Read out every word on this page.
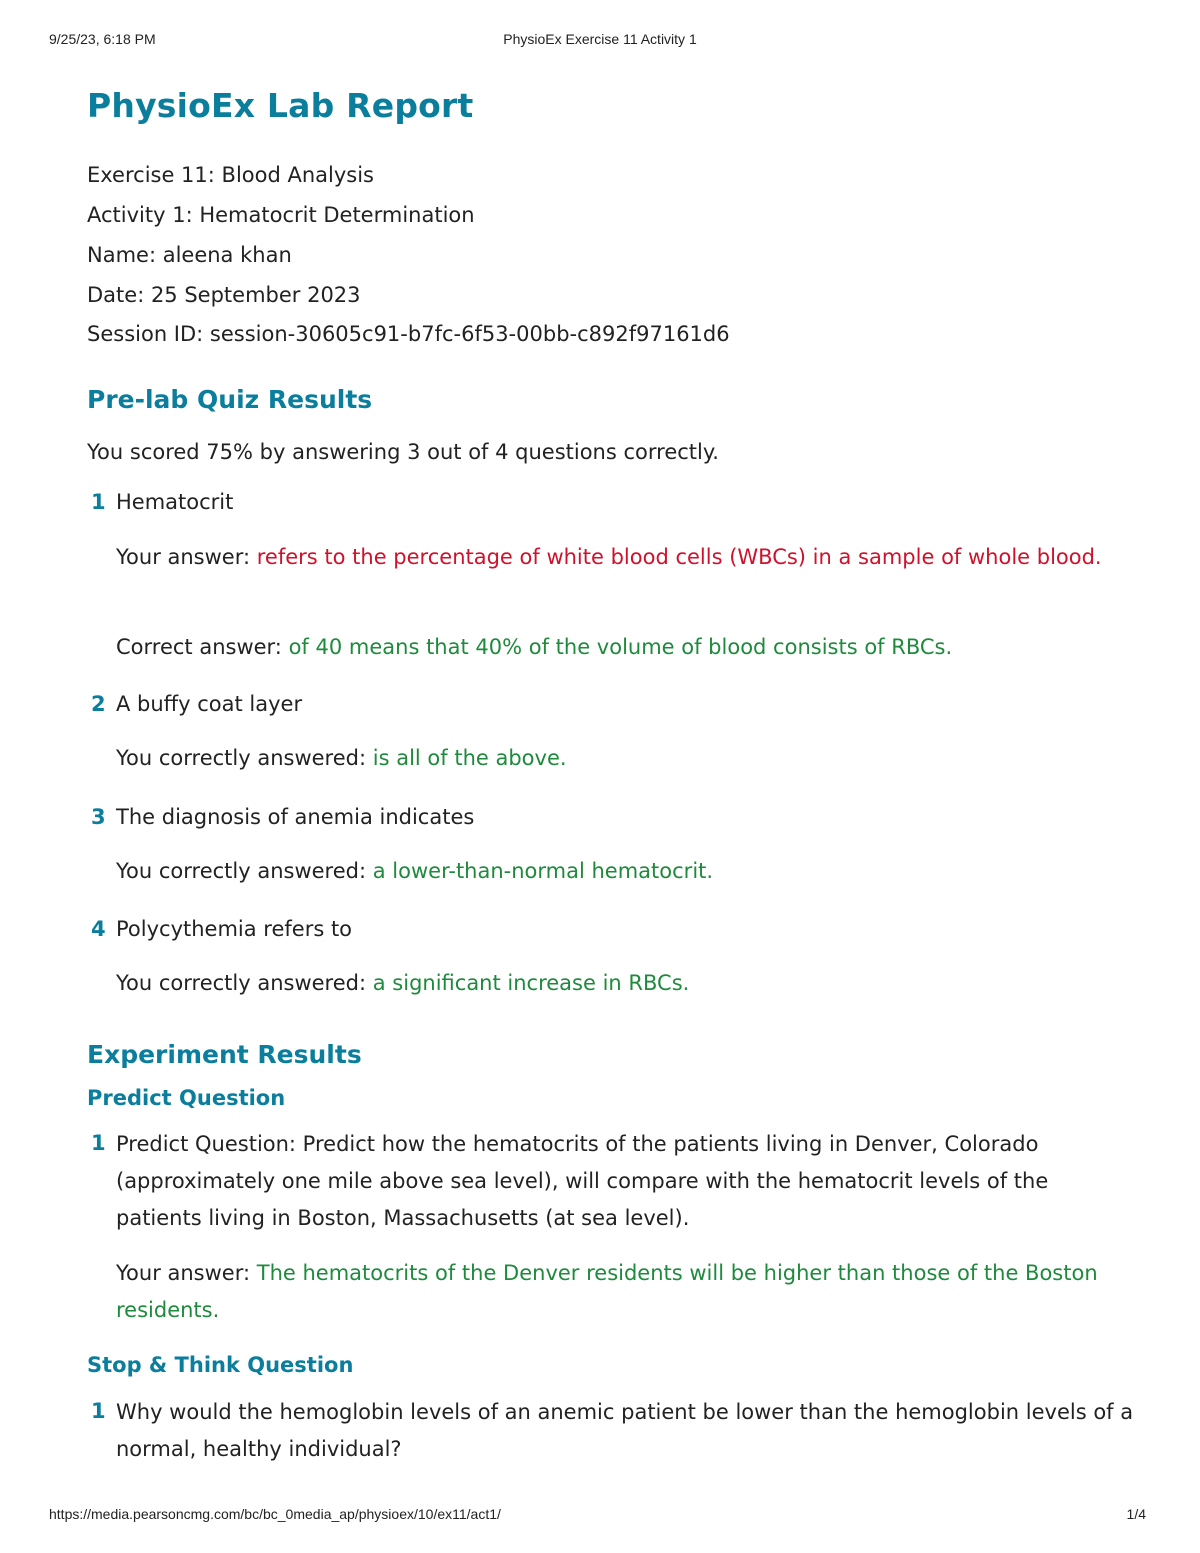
9/25/23, 6:18 PM	PhysioEx Exercise 11 Activity 1
PhysioEx Lab Report
Exercise 11: Blood Analysis
Activity 1: Hematocrit Determination
Name: aleena khan
Date: 25 September 2023
Session ID: session-30605c91-b7fc-6f53-00bb-c892f97161d6
Pre-lab Quiz Results
You scored 75% by answering 3 out of 4 questions correctly.
1 Hematocrit
Your answer: refers to the percentage of white blood cells (WBCs) in a sample of whole blood.
Correct answer: of 40 means that 40% of the volume of blood consists of RBCs.
2 A buffy coat layer
You correctly answered: is all of the above.
3 The diagnosis of anemia indicates
You correctly answered: a lower-than-normal hematocrit.
4 Polycythemia refers to
You correctly answered: a significant increase in RBCs.
Experiment Results
Predict Question
1 Predict Question: Predict how the hematocrits of the patients living in Denver, Colorado (approximately one mile above sea level), will compare with the hematocrit levels of the patients living in Boston, Massachusetts (at sea level).
Your answer: The hematocrits of the Denver residents will be higher than those of the Boston residents.
Stop & Think Question
1 Why would the hemoglobin levels of an anemic patient be lower than the hemoglobin levels of a normal, healthy individual?
https://media.pearsoncmg.com/bc/bc_0media_ap/physioex/10/ex11/act1/	1/4
